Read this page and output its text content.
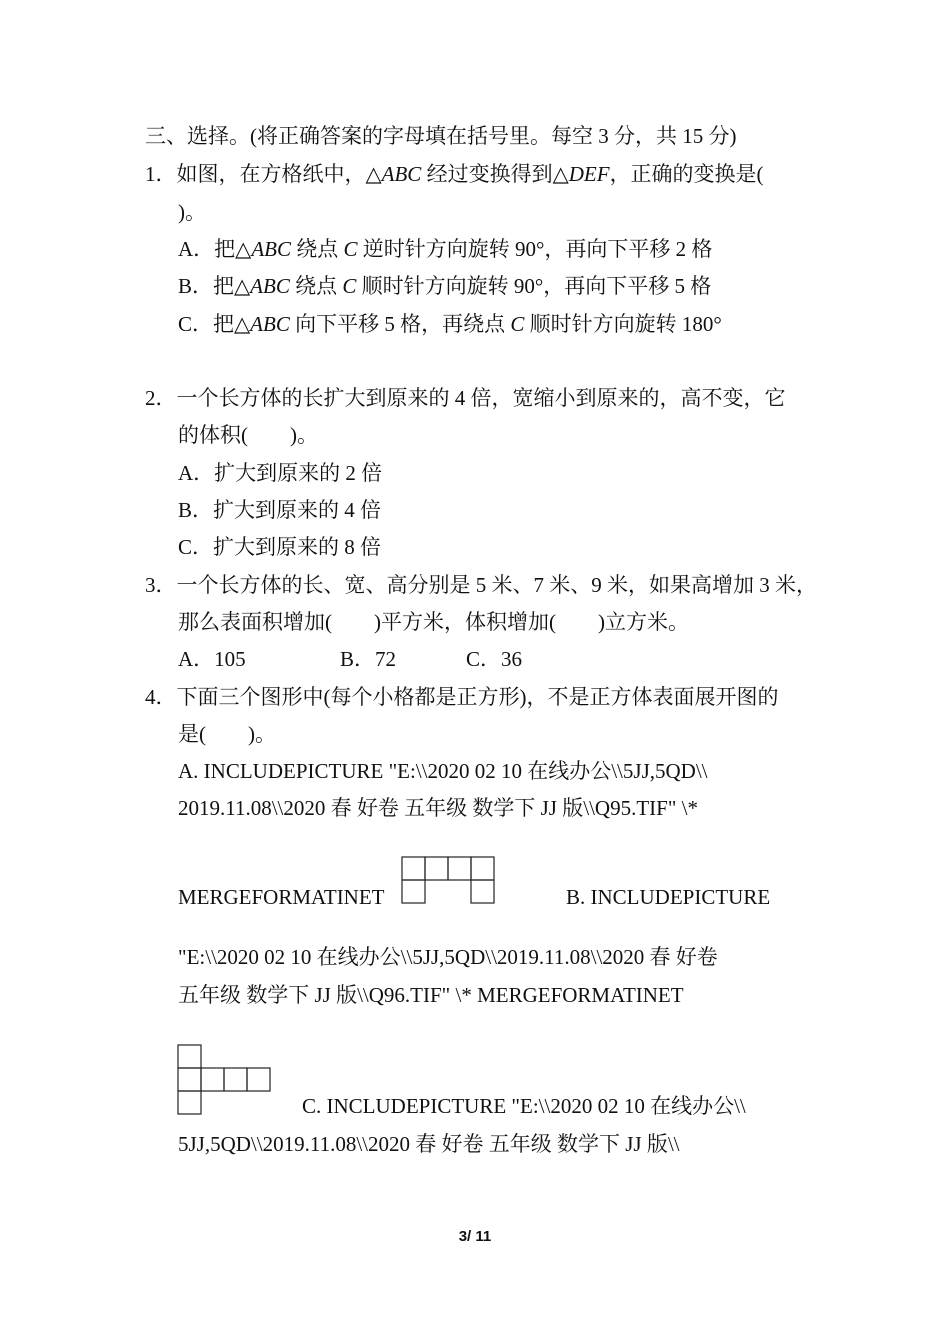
三、选择。(将正确答案的字母填在括号里。每空 3 分，共 15 分)
1．如图，在方格纸中，△ABC 经过变换得到△DEF，正确的变换是(
)。
A．把△ABC 绕点 C 逆时针方向旋转 90°，再向下平移 2 格
B．把△ABC 绕点 C 顺时针方向旋转 90°，再向下平移 5 格
C．把△ABC 向下平移 5 格，再绕点 C 顺时针方向旋转 180°
2．一个长方体的长扩大到原来的 4 倍，宽缩小到原来的，高不变，它
的体积(　　)。
A．扩大到原来的 2 倍
B．扩大到原来的 4 倍
C．扩大到原来的 8 倍
3．一个长方体的长、宽、高分别是 5 米、7 米、9 米，如果高增加 3 米，
那么表面积增加(　　)平方米，体积增加(　　)立方米。
A．105	B．72	C．36
4．下面三个图形中(每个小格都是正方形)，不是正方体表面展开图的
是(　　)。
A. INCLUDEPICTURE "E:\\2020 02 10 在线办公\\5JJ,5QD\\
2019.11.08\\2020 春 好卷 五年级 数学下 JJ 版\\Q95.TIF" \*
MERGEFORMATINET	B. INCLUDEPICTURE
"E:\\2020 02 10 在线办公\\5JJ,5QD\\2019.11.08\\2020 春 好卷
五年级 数学下 JJ 版\\Q96.TIF" \* MERGEFORMATINET
C. INCLUDEPICTURE "E:\\2020 02 10 在线办公\\
5JJ,5QD\\2019.11.08\\2020 春 好卷 五年级 数学下 JJ 版\\
3/ 11
